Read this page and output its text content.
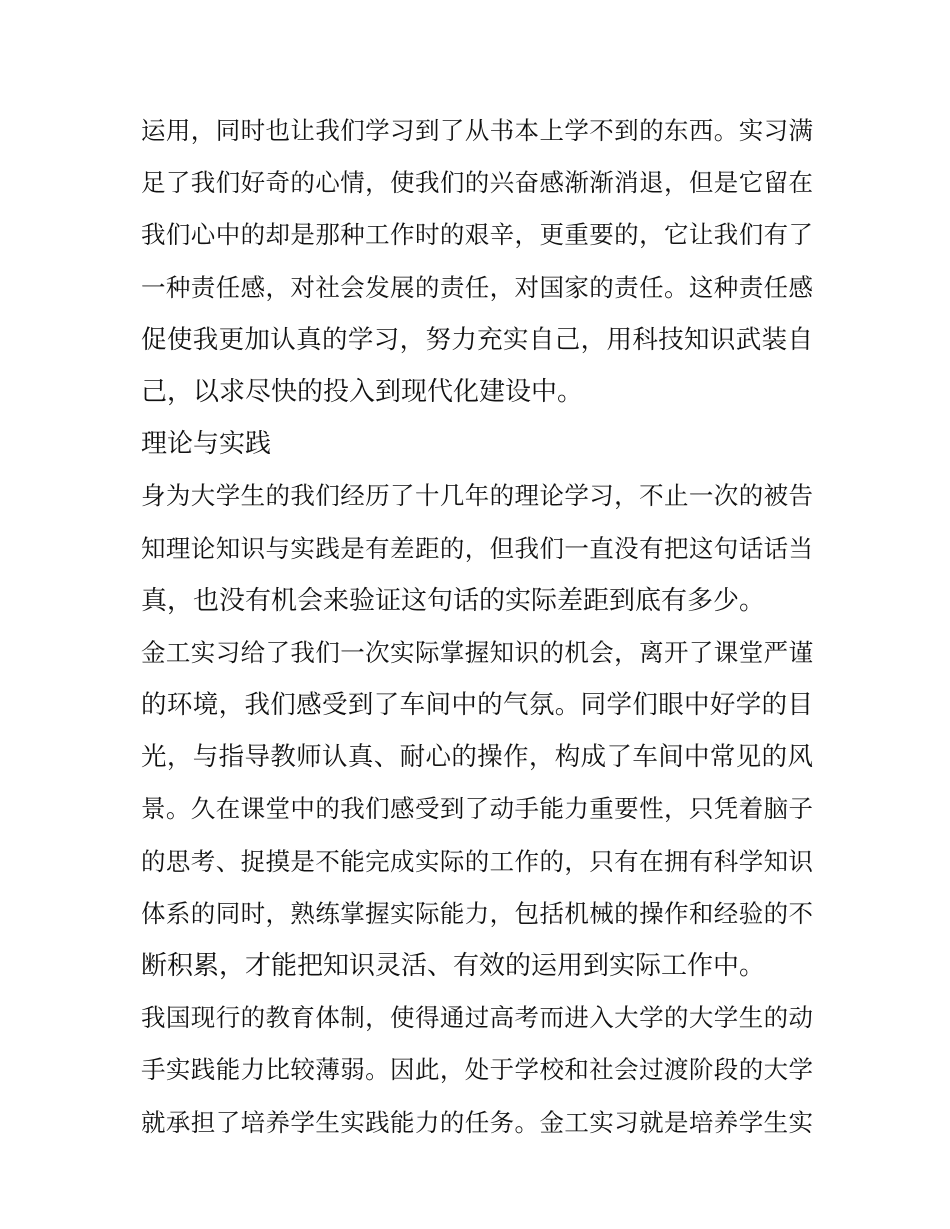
运用，同时也让我们学习到了从书本上学不到的东西。实习满
足了我们好奇的心情，使我们的兴奋感渐渐消退，但是它留在
我们心中的却是那种工作时的艰辛，更重要的，它让我们有了
一种责任感，对社会发展的责任，对国家的责任。这种责任感
促使我更加认真的学习，努力充实自己，用科技知识武装自
己，以求尽快的投入到现代化建设中。
理论与实践
身为大学生的我们经历了十几年的理论学习，不止一次的被告
知理论知识与实践是有差距的，但我们一直没有把这句话话当
真，也没有机会来验证这句话的实际差距到底有多少。
金工实习给了我们一次实际掌握知识的机会，离开了课堂严谨
的环境，我们感受到了车间中的气氛。同学们眼中好学的目
光，与指导教师认真、耐心的操作，构成了车间中常见的风
景。久在课堂中的我们感受到了动手能力重要性，只凭着脑子
的思考、捉摸是不能完成实际的工作的，只有在拥有科学知识
体系的同时，熟练掌握实际能力，包括机械的操作和经验的不
断积累，才能把知识灵活、有效的运用到实际工作中。
我国现行的教育体制，使得通过高考而进入大学的大学生的动
手实践能力比较薄弱。因此，处于学校和社会过渡阶段的大学
就承担了培养学生实践能力的任务。金工实习就是培养学生实
